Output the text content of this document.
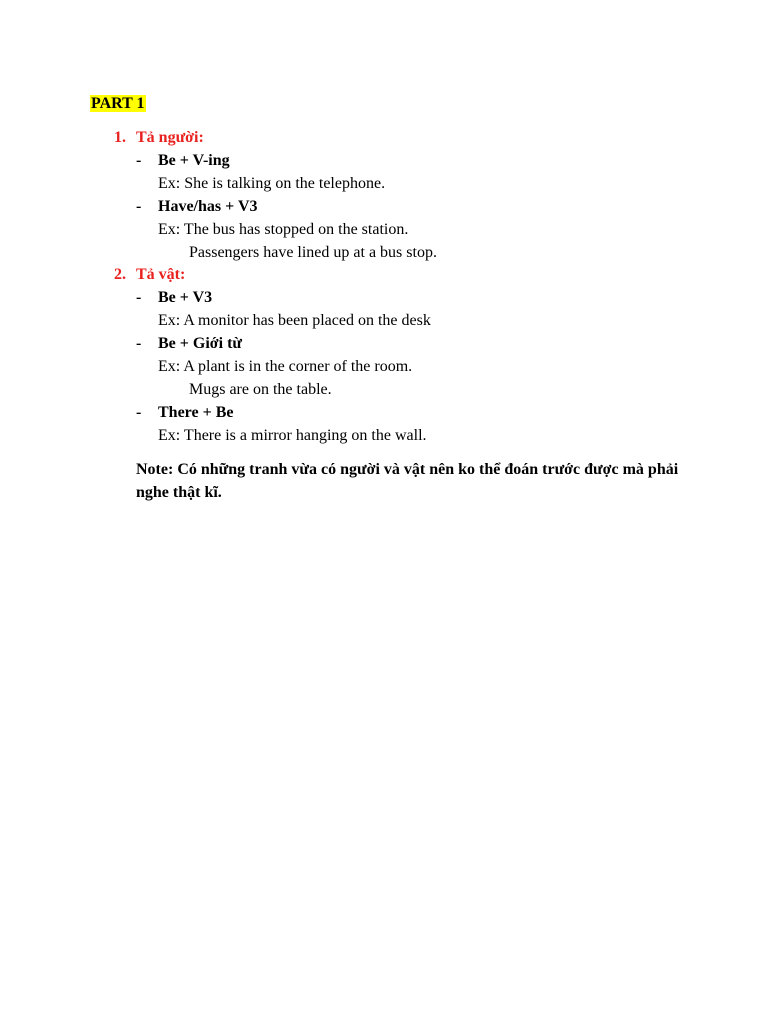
PART 1
1. Tả người:
- Be + V-ing
Ex: She is talking on the telephone.
- Have/has + V3
Ex: The bus has stopped on the station.
Passengers have lined up at a bus stop.
2. Tả vật:
- Be + V3
Ex: A monitor has been placed on the desk
- Be + Giới từ
Ex: A plant is in the corner of the room.
Mugs are on the table.
- There + Be
Ex: There is a mirror hanging on the wall.
Note: Có những tranh vừa có người và vật nên ko thể đoán trước được mà phải nghe thật kĩ.
